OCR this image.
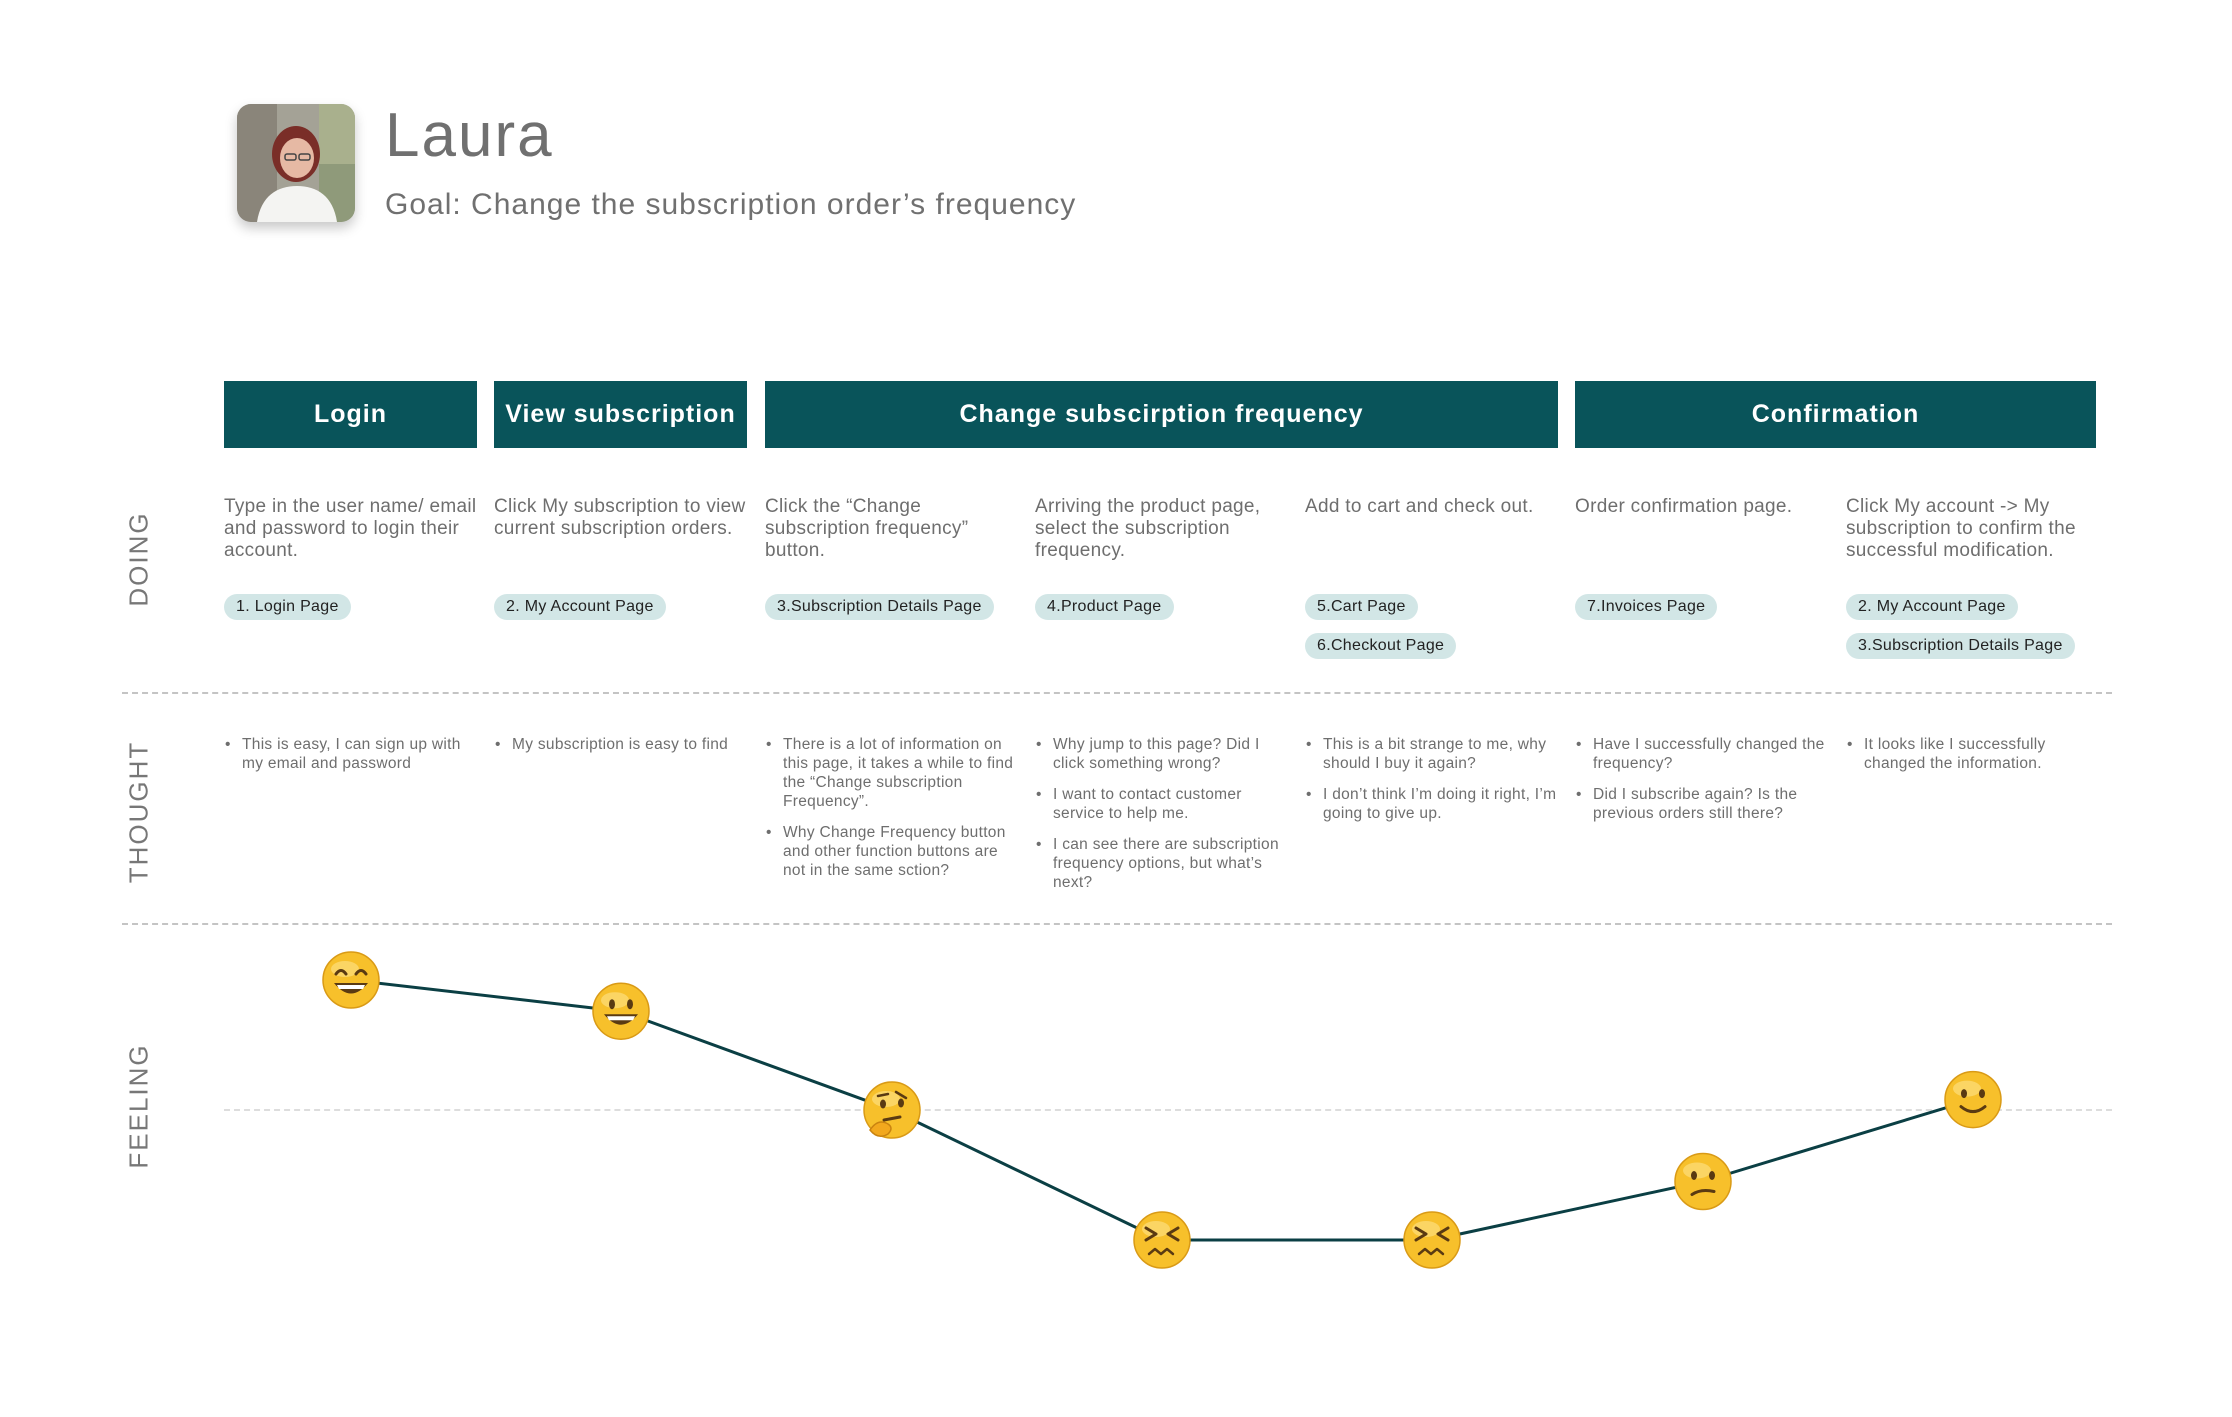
Laura
Goal: Change the subscription order’s frequency
Login	View subscription	Change subscirption frequency	Confirmation
DOING
THOUGHT
FEELING
Type in the user name/ email and password to login their account.
1. Login Page
Click My subscription to view current subscription orders.
2. My Account Page
Click the “Change subscription frequency” button.
3.Subscription Details Page
Arriving the product page, select the subscription frequency.
4.Product Page
Add to cart and check out.
5.Cart Page
6.Checkout Page
Order confirmation page.
7.Invoices Page
Click My account -> My subscription to confirm the successful modification.
2. My Account Page
3.Subscription Details Page
• This is easy, I can sign up with my email and password
• My subscription is easy to find
•	There is a lot of information on this page, it takes a while to find the “Change subscription Frequency”.
• Why Change Frequency button and other function buttons are not in the same sction?
• Why jump to this page? Did I click something wrong?
• I want to contact customer service to help me.
• I can see there are subscription frequency options, but what’s next?
• This is a bit strange to me, why should I buy it again?
• I don’t think I’m doing it right, I’m going to give up.
• Have I successfully changed the frequency?
• Did I subscribe again? Is the previous orders still there?
• It looks like I successfully changed the information.
